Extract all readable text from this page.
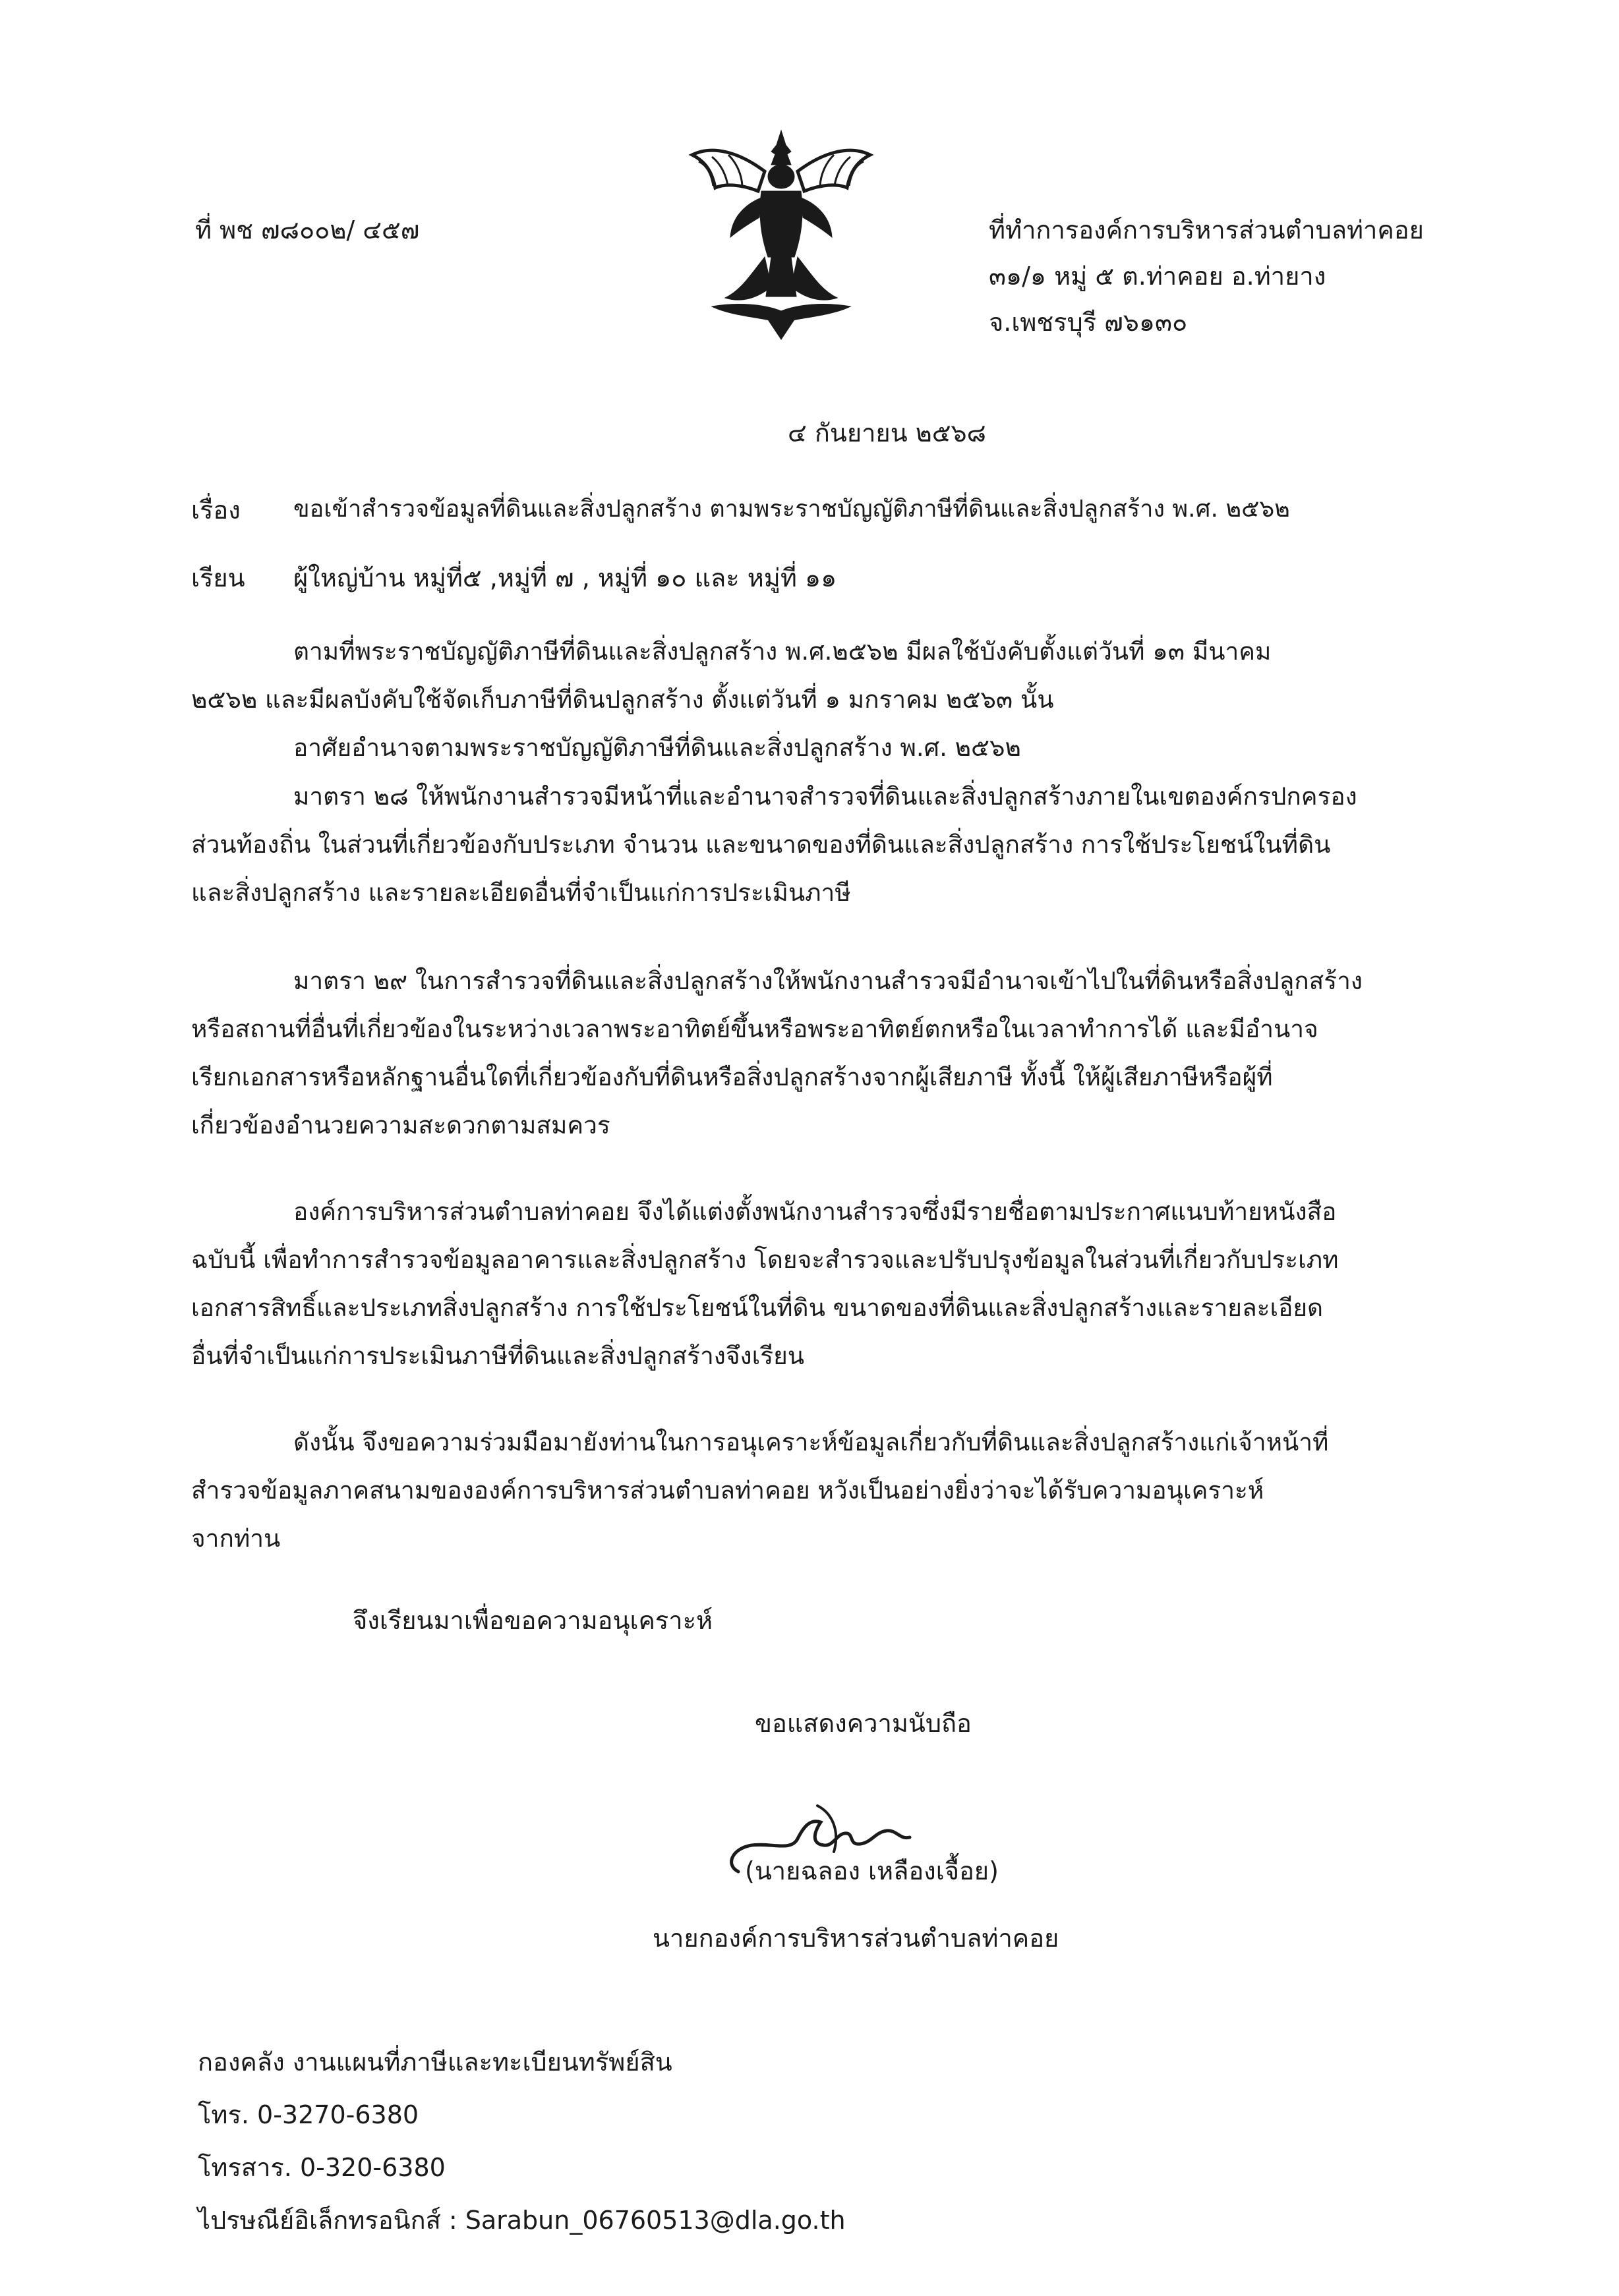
ที่ พช ๗๘๐๐๒/ ๔๕๗	ที่ทำการองค์การบริหารส่วนตำบลท่าคอย
๓๑/๑ หมู่ ๕ ต.ท่าคอย อ.ท่ายาง
จ.เพชรบุรี ๗๖๑๓๐
๔ กันยายน ๒๕๖๘
เรื่อง ขอเข้าสำรวจข้อมูลที่ดินและสิ่งปลูกสร้าง ตามพระราชบัญญัติภาษีที่ดินและสิ่งปลูกสร้าง พ.ศ. ๒๕๖๒
เรียน ผู้ใหญ่บ้าน หมู่ที่๕ ,หมู่ที่ ๗ , หมู่ที่ ๑๐ และ หมู่ที่ ๑๑
ตามที่พระราชบัญญัติภาษีที่ดินและสิ่งปลูกสร้าง พ.ศ.๒๕๖๒ มีผลใช้บังคับตั้งแต่วันที่ ๑๓ มีนาคม
๒๕๖๒ และมีผลบังคับใช้จัดเก็บภาษีที่ดินปลูกสร้าง ตั้งแต่วันที่ ๑ มกราคม ๒๕๖๓ นั้น
อาศัยอำนาจตามพระราชบัญญัติภาษีที่ดินและสิ่งปลูกสร้าง พ.ศ. ๒๕๖๒
มาตรา ๒๘ ให้พนักงานสำรวจมีหน้าที่และอำนาจสำรวจที่ดินและสิ่งปลูกสร้างภายในเขตองค์กรปกครอง
ส่วนท้องถิ่น ในส่วนที่เกี่ยวข้องกับประเภท จำนวน และขนาดของที่ดินและสิ่งปลูกสร้าง การใช้ประโยชน์ในที่ดิน
และสิ่งปลูกสร้าง และรายละเอียดอื่นที่จำเป็นแก่การประเมินภาษี
มาตรา ๒๙ ในการสำรวจที่ดินและสิ่งปลูกสร้างให้พนักงานสำรวจมีอำนาจเข้าไปในที่ดินหรือสิ่งปลูกสร้าง
หรือสถานที่อื่นที่เกี่ยวข้องในระหว่างเวลาพระอาทิตย์ขึ้นหรือพระอาทิตย์ตกหรือในเวลาทำการได้ และมีอำนาจ
เรียกเอกสารหรือหลักฐานอื่นใดที่เกี่ยวข้องกับที่ดินหรือสิ่งปลูกสร้างจากผู้เสียภาษี ทั้งนี้ ให้ผู้เสียภาษีหรือผู้ที่
เกี่ยวข้องอำนวยความสะดวกตามสมควร
องค์การบริหารส่วนตำบลท่าคอย จึงได้แต่งตั้งพนักงานสำรวจซึ่งมีรายชื่อตามประกาศแนบท้ายหนังสือ
ฉบับนี้ เพื่อทำการสำรวจข้อมูลอาคารและสิ่งปลูกสร้าง โดยจะสำรวจและปรับปรุงข้อมูลในส่วนที่เกี่ยวกับประเภท
เอกสารสิทธิ์และประเภทสิ่งปลูกสร้าง การใช้ประโยชน์ในที่ดิน ขนาดของที่ดินและสิ่งปลูกสร้างและรายละเอียด
อื่นที่จำเป็นแก่การประเมินภาษีที่ดินและสิ่งปลูกสร้างจึงเรียน
ดังนั้น จึงขอความร่วมมือมายังท่านในการอนุเคราะห์ข้อมูลเกี่ยวกับที่ดินและสิ่งปลูกสร้างแก่เจ้าหน้าที่
สำรวจข้อมูลภาคสนามขององค์การบริหารส่วนตำบลท่าคอย หวังเป็นอย่างยิ่งว่าจะได้รับความอนุเคราะห์
จากท่าน
จึงเรียนมาเพื่อขอความอนุเคราะห์
ขอแสดงความนับถือ
(นายฉลอง เหลืองเจื้อย)
นายกองค์การบริหารส่วนตำบลท่าคอย
กองคลัง งานแผนที่ภาษีและทะเบียนทรัพย์สิน
โทร. 0-3270-6380
โทรสาร. 0-320-6380
ไปรษณีย์อิเล็กทรอนิกส์ : Sarabun_06760513@dla.go.th
